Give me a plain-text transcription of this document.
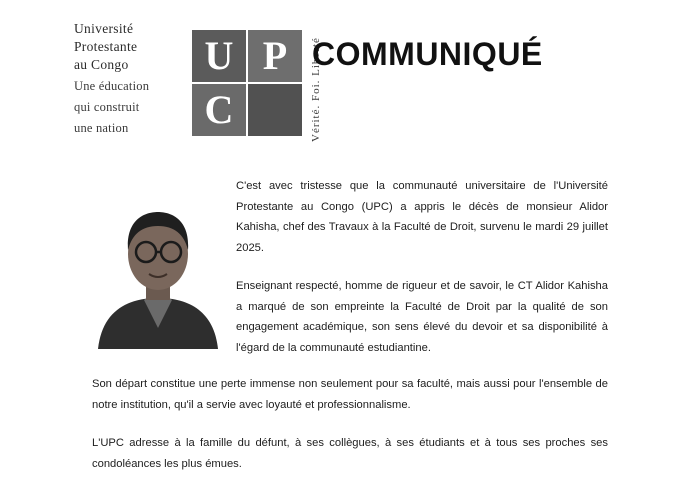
Université
Protestante
au Congo
Une éducation
qui construit
une nation
U P
C	Vérité. Foi. Liberté
COMMUNIQUÉ

C'est avec tristesse que la communauté universitaire de l'Université Protestante au Congo (UPC) a appris le décès de monsieur Alidor Kahisha, chef des Travaux à la Faculté de Droit, survenu le mardi 29 juillet 2025.

Enseignant respecté, homme de rigueur et de savoir, le CT Alidor Kahisha a marqué de son empreinte la Faculté de Droit par la qualité de son engagement académique, son sens élevé du devoir et sa disponibilité à l'égard de la communauté estudiantine.

Son départ constitue une perte immense non seulement pour sa faculté, mais aussi pour l'ensemble de notre institution, qu'il a servie avec loyauté et professionnalisme.

L'UPC adresse à la famille du défunt, à ses collègues, à ses étudiants et à tous ses proches ses condoléances les plus émues.
